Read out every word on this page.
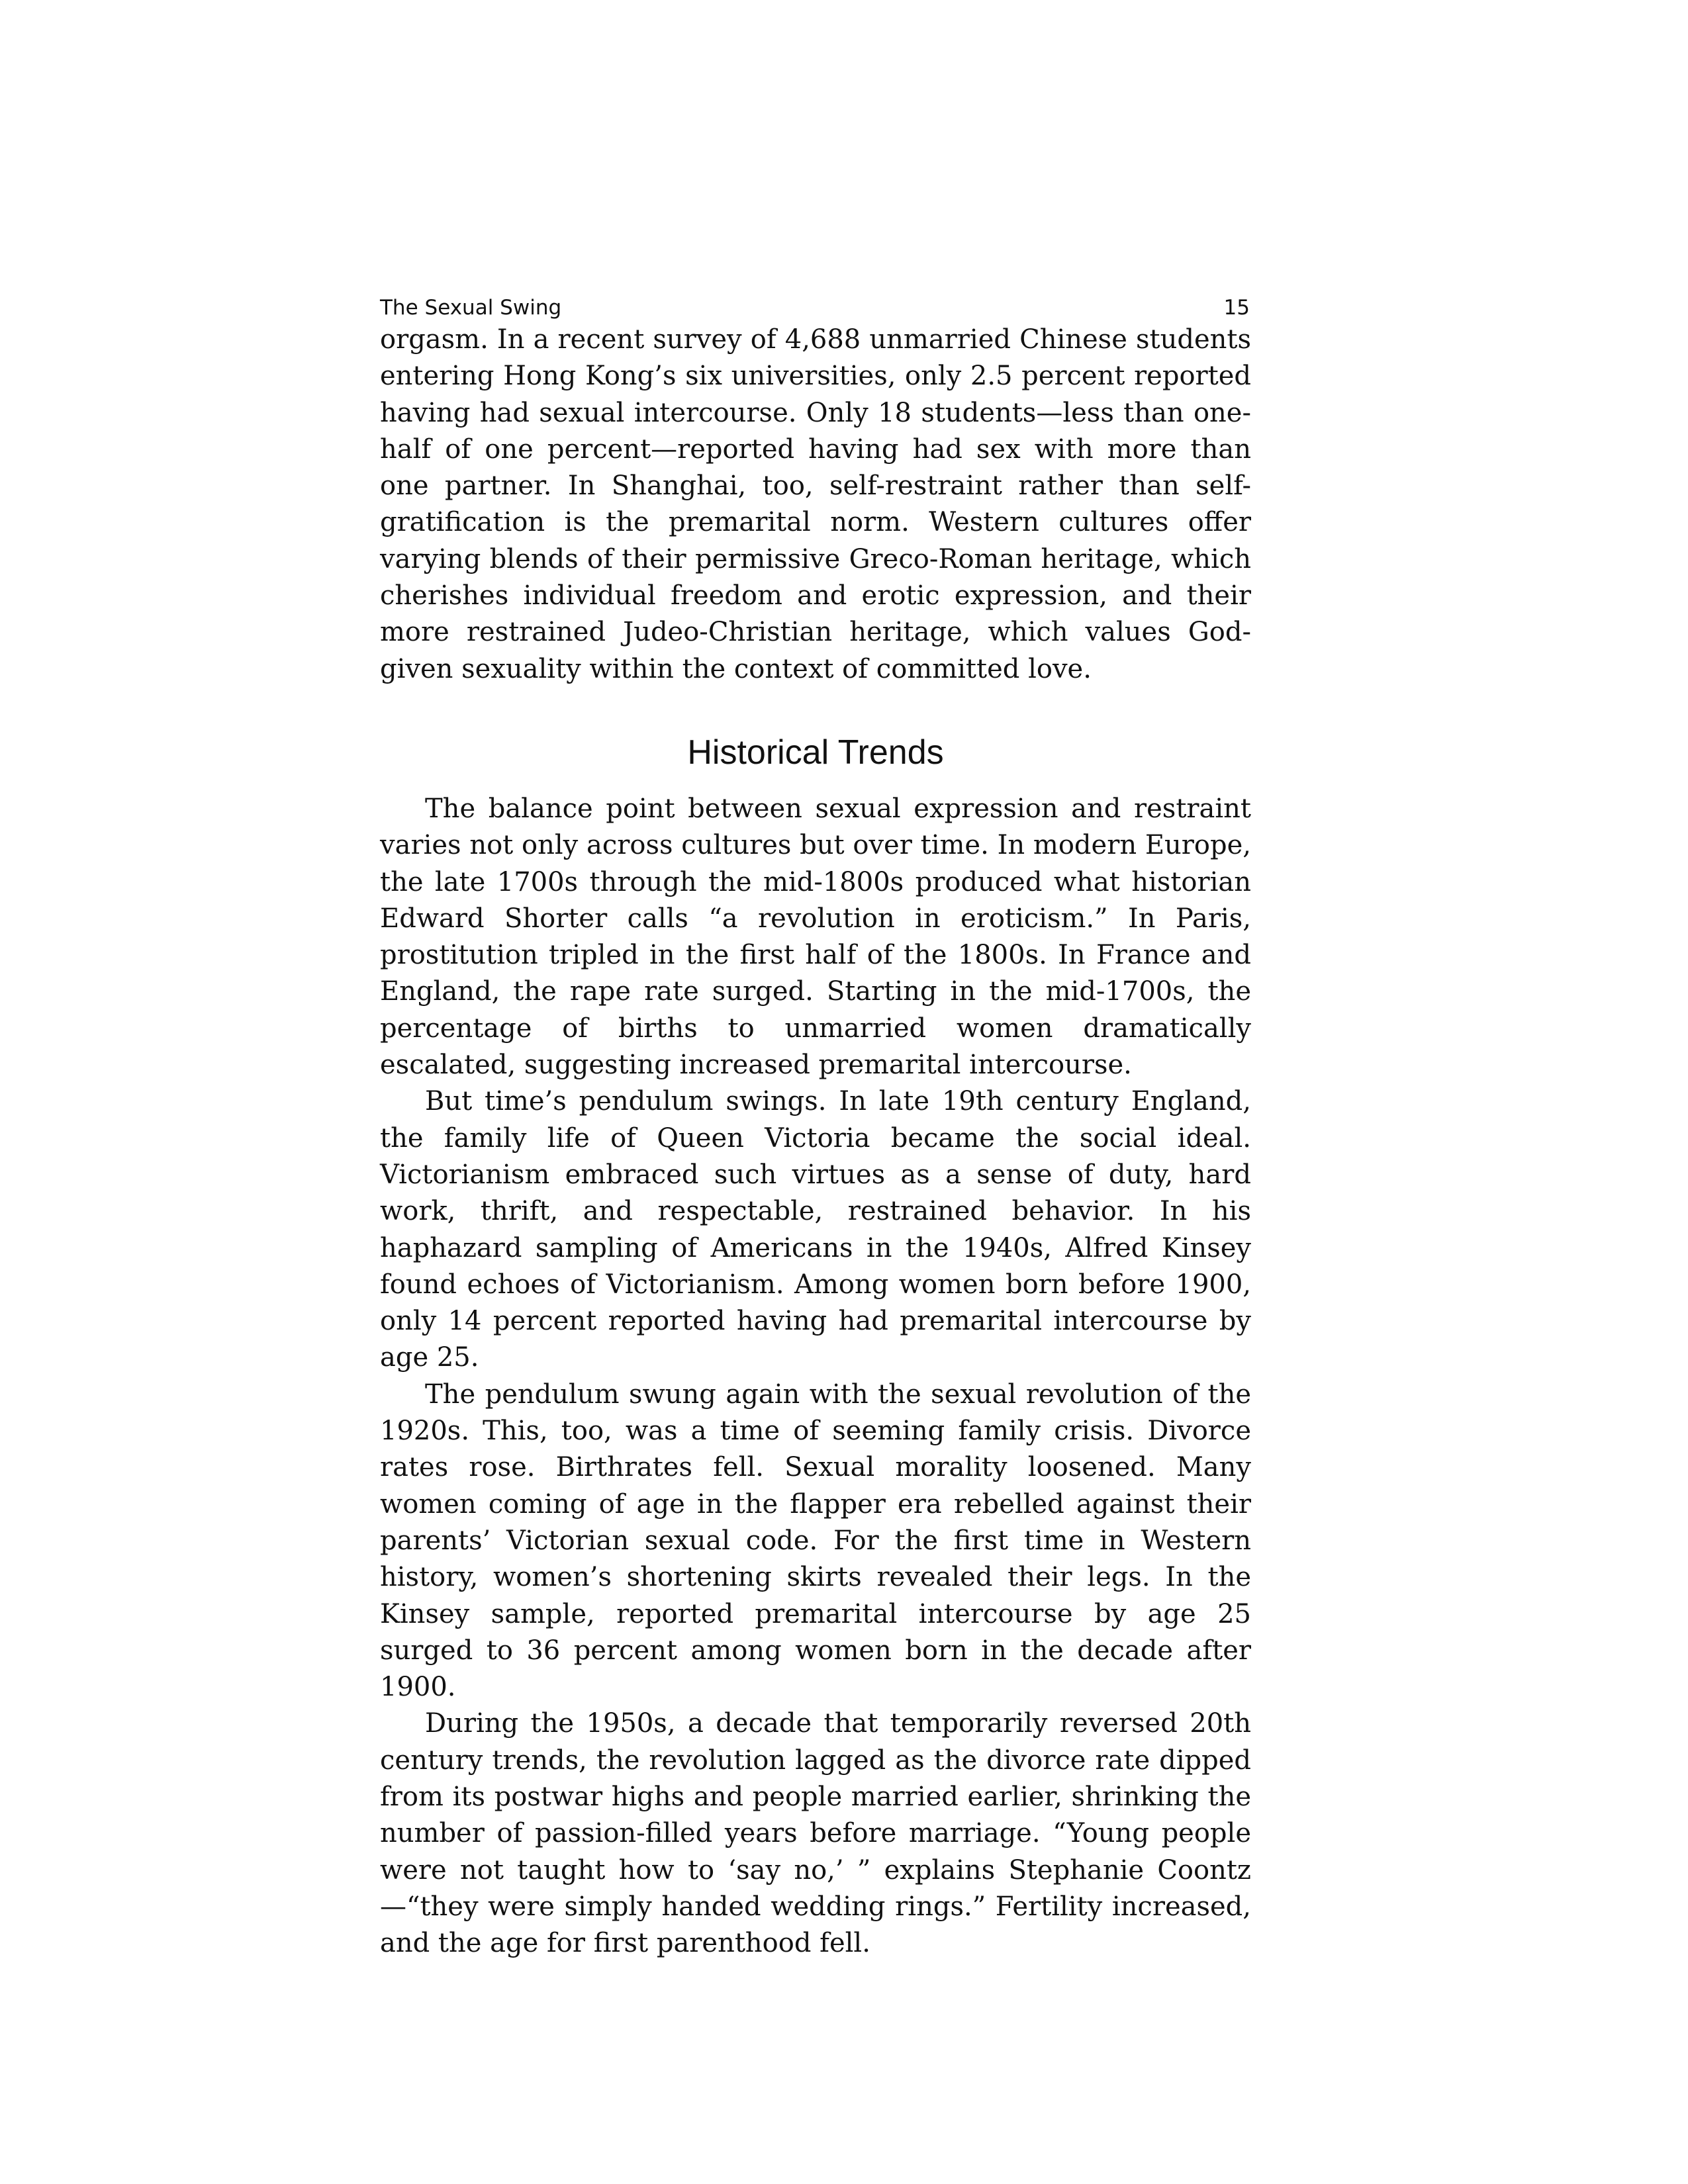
The Sexual Swing	15

orgasm. In a recent survey of 4,688 unmarried Chinese students entering Hong Kong’s six universities, only 2.5 percent reported having had sexual intercourse. Only 18 students—less than one-half of one percent—reported having had sex with more than one partner. In Shanghai, too, self-restraint rather than self-gratification is the premarital norm. Western cultures offer varying blends of their permissive Greco-Roman heritage, which cherishes individual freedom and erotic expression, and their more restrained Judeo-Christian heritage, which values God-given sexuality within the context of committed love.

Historical Trends

The balance point between sexual expression and restraint varies not only across cultures but over time. In modern Europe, the late 1700s through the mid-1800s produced what historian Edward Shorter calls “a revolution in eroticism.” In Paris, prostitution tripled in the first half of the 1800s. In France and England, the rape rate surged. Starting in the mid-1700s, the percentage of births to unmarried women dramatically escalated, suggesting increased premarital intercourse.

But time’s pendulum swings. In late 19th century England, the family life of Queen Victoria became the social ideal. Victorianism embraced such virtues as a sense of duty, hard work, thrift, and respectable, restrained behavior. In his haphazard sampling of Americans in the 1940s, Alfred Kinsey found echoes of Victorianism. Among women born before 1900, only 14 percent reported having had premarital intercourse by age 25.

The pendulum swung again with the sexual revolution of the 1920s. This, too, was a time of seeming family crisis. Divorce rates rose. Birthrates fell. Sexual morality loosened. Many women coming of age in the flapper era rebelled against their parents’ Victorian sexual code. For the first time in Western history, women’s shortening skirts revealed their legs. In the Kinsey sample, reported premarital intercourse by age 25 surged to 36 percent among women born in the decade after 1900.

During the 1950s, a decade that temporarily reversed 20th century trends, the revolution lagged as the divorce rate dipped from its postwar highs and people married earlier, shrinking the number of passion-filled years before marriage. “Young people were not taught how to ‘say no,’ ” explains Stephanie Coontz—“they were simply handed wedding rings.” Fertility increased, and the age for first parenthood fell.
